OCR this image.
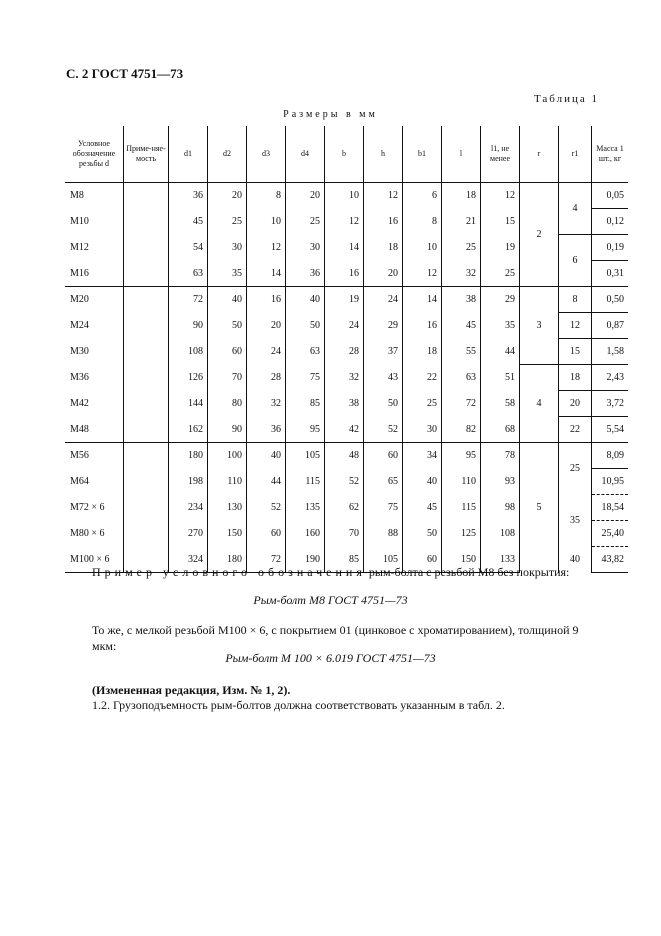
С. 2 ГОСТ 4751—73
Таблица 1
Размеры в мм
Условное обозначение резьбы d	Приме-няе-мость	d1	d2	d3	d4	b	h	b1	l	l1, не менее	r	r1	Масса 1 шт., кг
M8		36	20	8	20	10	12	6	18	12	2	4	0,05
M10		45	25	10	25	12	16	8	21	15			0,12
M12		54	30	12	30	14	18	10	25	19		6	0,19
M16		63	35	14	36	16	20	12	32	25			0,31
M20		72	40	16	40	19	24	14	38	29	3	8	0,50
M24		90	50	20	50	24	29	16	45	35		12	0,87
M30		108	60	24	63	28	37	18	55	44		15	1,58
M36		126	70	28	75	32	43	22	63	51	4	18	2,43
M42		144	80	32	85	38	50	25	72	58		20	3,72
M48		162	90	36	95	42	52	30	82	68		22	5,54
M56		180	100	40	105	48	60	34	95	78	5	25	8,09
M64		198	110	44	115	52	65	40	110	93			10,95
M72 × 6		234	130	52	135	62	75	45	115	98		35	18,54
M80 × 6		270	150	60	160	70	88	50	125	108			25,40
M100 × 6		324	180	72	190	85	105	60	150	133		40	43,82
Пример условного обозначения рым-болта с резьбой M8 без покрытия:
Рым-болт M8 ГОСТ 4751—73
То же, с мелкой резьбой M100 × 6, с покрытием 01 (цинковое с хроматированием), толщиной 9 мкм:
Рым-болт M 100 × 6.019 ГОСТ 4751—73
(Измененная редакция, Изм. № 1, 2).
1.2. Грузоподъемность рым-болтов должна соответствовать указанным в табл. 2.
